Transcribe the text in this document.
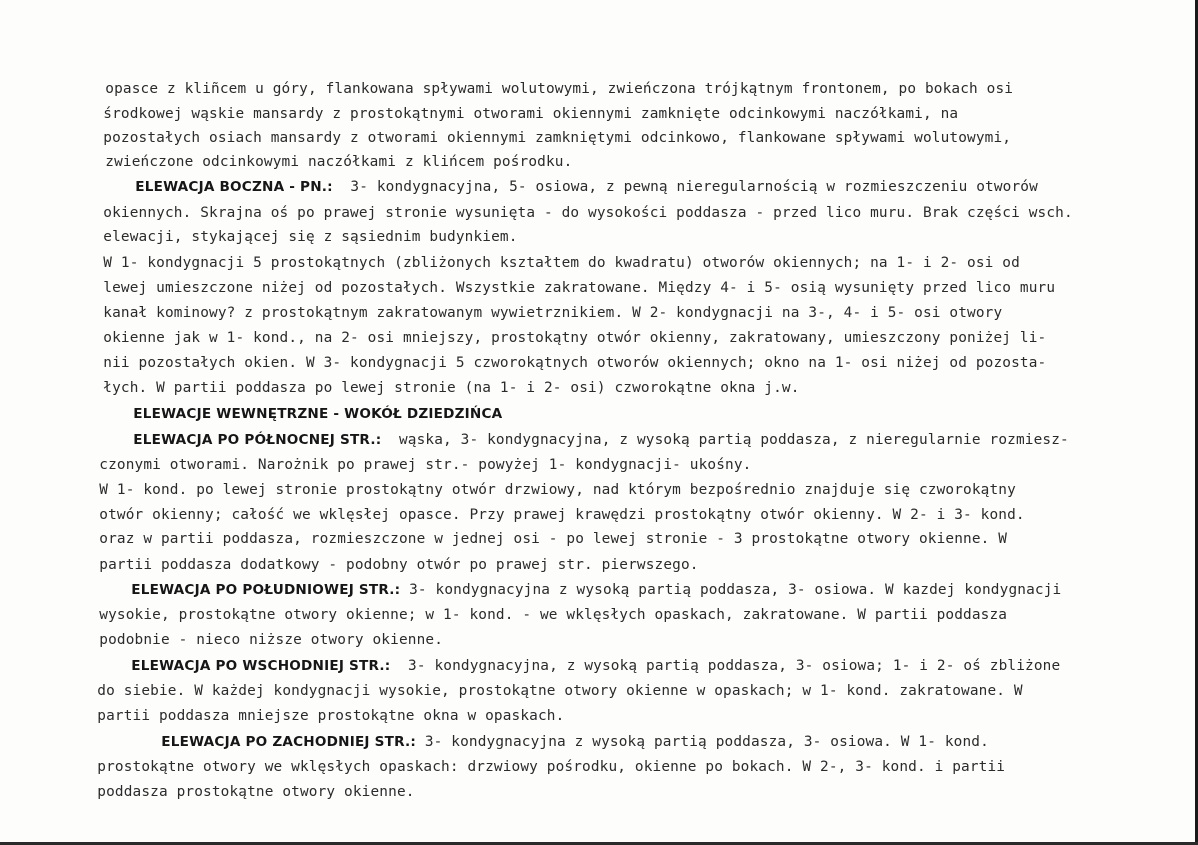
opasce z kliñcem u góry, flankowana spływami wolutowymi, zwieńczona trójkątnym frontonem, po bokach osi

środkowej wąskie mansardy z prostokątnymi otworami okiennymi zamknięte odcinkowymi naczółkami, na

pozostałych osiach mansardy z otworami okiennymi zamkniętymi odcinkowo, flankowane spływami wolutowymi,

zwieńczone odcinkowymi naczółkami z klińcem pośrodku.

ELEWACJA BOCZNA - PN.:  3- kondygnacyjna, 5- osiowa, z pewną nieregularnością w rozmieszczeniu otworów

okiennych. Skrajna oś po prawej stronie wysunięta - do wysokości poddasza - przed lico muru. Brak części wsch.

elewacji, stykającej się z sąsiednim budynkiem.

W 1- kondygnacji 5 prostokątnych (zbliżonych kształtem do kwadratu) otworów okiennych; na 1- i 2- osi od

lewej umieszczone niżej od pozostałych. Wszystkie zakratowane. Między 4- i 5- osią wysunięty przed lico muru

kanał kominowy? z prostokątnym zakratowanym wywietrznikiem. W 2- kondygnacji na 3-, 4- i 5- osi otwory

okienne jak w 1- kond., na 2- osi mniejszy, prostokątny otwór okienny, zakratowany, umieszczony poniżej li-

nii pozostałych okien. W 3- kondygnacji 5 czworokątnych otworów okiennych; okno na 1- osi niżej od pozosta-

łych. W partii poddasza po lewej stronie (na 1- i 2- osi) czworokątne okna j.w.

ELEWACJE WEWNĘTRZNE - WOKÓŁ DZIEDZIŃCA

ELEWACJA PO PÓŁNOCNEJ STR.:  wąska, 3- kondygnacyjna, z wysoką partią poddasza, z nieregularnie rozmiesz-

czonymi otworami. Narożnik po prawej str.- powyżej 1- kondygnacji- ukośny.

W 1- kond. po lewej stronie prostokątny otwór drzwiowy, nad którym bezpośrednio znajduje się czworokątny

otwór okienny; całość we wklęsłej opasce. Przy prawej krawędzi prostokątny otwór okienny. W 2- i 3- kond.

oraz w partii poddasza, rozmieszczone w jednej osi - po lewej stronie - 3 prostokątne otwory okienne. W

partii poddasza dodatkowy - podobny otwór po prawej str. pierwszego.

ELEWACJA PO POŁUDNIOWEJ STR.: 3- kondygnacyjna z wysoką partią poddasza, 3- osiowa. W kazdej kondygnacji

wysokie, prostokątne otwory okienne; w 1- kond. - we wklęsłych opaskach, zakratowane. W partii poddasza

podobnie - nieco niższe otwory okienne.

ELEWACJA PO WSCHODNIEJ STR.:  3- kondygnacyjna, z wysoką partią poddasza, 3- osiowa; 1- i 2- oś zbliżone

do siebie. W każdej kondygnacji wysokie, prostokątne otwory okienne w opaskach; w 1- kond. zakratowane. W

partii poddasza mniejsze prostokątne okna w opaskach.

ELEWACJA PO ZACHODNIEJ STR.: 3- kondygnacyjna z wysoką partią poddasza, 3- osiowa. W 1- kond.

prostokątne otwory we wklęsłych opaskach: drzwiowy pośrodku, okienne po bokach. W 2-, 3- kond. i partii

poddasza prostokątne otwory okienne.
